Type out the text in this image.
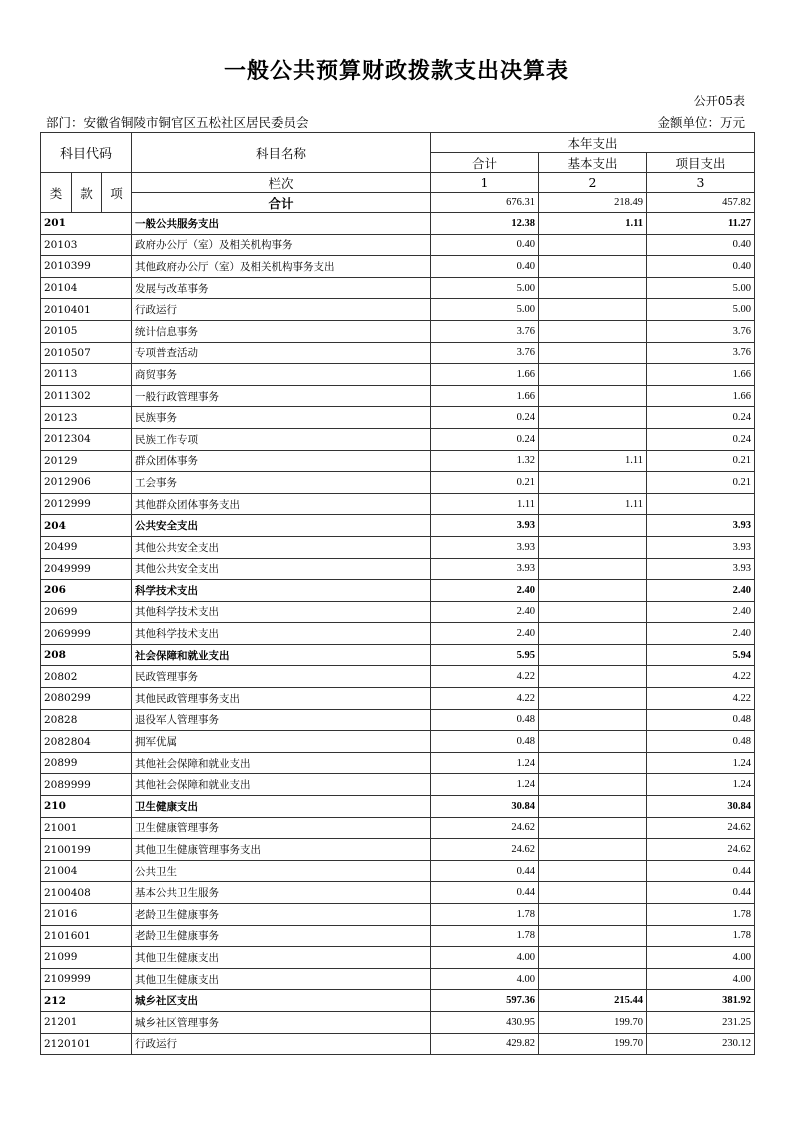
一般公共预算财政拨款支出决算表
公开05表
部门：安徽省铜陵市铜官区五松社区居民委员会	金额单位：万元
科目代码			科目名称	本年支出		
				合计	基本支出	项目支出
类	款	项	栏次	1	2	3
			合计	676.31	218.49	457.82
201			一般公共服务支出	12.38	1.11	11.27
20103			政府办公厅（室）及相关机构事务	0.40		0.40
2010399			其他政府办公厅（室）及相关机构事务支出	0.40		0.40
20104			发展与改革事务	5.00		5.00
2010401			行政运行	5.00		5.00
20105			统计信息事务	3.76		3.76
2010507			专项普查活动	3.76		3.76
20113			商贸事务	1.66		1.66
2011302			一般行政管理事务	1.66		1.66
20123			民族事务	0.24		0.24
2012304			民族工作专项	0.24		0.24
20129			群众团体事务	1.32	1.11	0.21
2012906			工会事务	0.21		0.21
2012999			其他群众团体事务支出	1.11	1.11	
204			公共安全支出	3.93		3.93
20499			其他公共安全支出	3.93		3.93
2049999			其他公共安全支出	3.93		3.93
206			科学技术支出	2.40		2.40
20699			其他科学技术支出	2.40		2.40
2069999			其他科学技术支出	2.40		2.40
208			社会保障和就业支出	5.95		5.94
20802			民政管理事务	4.22		4.22
2080299			其他民政管理事务支出	4.22		4.22
20828			退役军人管理事务	0.48		0.48
2082804			拥军优属	0.48		0.48
20899			其他社会保障和就业支出	1.24		1.24
2089999			其他社会保障和就业支出	1.24		1.24
210			卫生健康支出	30.84		30.84
21001			卫生健康管理事务	24.62		24.62
2100199			其他卫生健康管理事务支出	24.62		24.62
21004			公共卫生	0.44		0.44
2100408			基本公共卫生服务	0.44		0.44
21016			老龄卫生健康事务	1.78		1.78
2101601			老龄卫生健康事务	1.78		1.78
21099			其他卫生健康支出	4.00		4.00
2109999			其他卫生健康支出	4.00		4.00
212			城乡社区支出	597.36	215.44	381.92
21201			城乡社区管理事务	430.95	199.70	231.25
2120101			行政运行	429.82	199.70	230.12
